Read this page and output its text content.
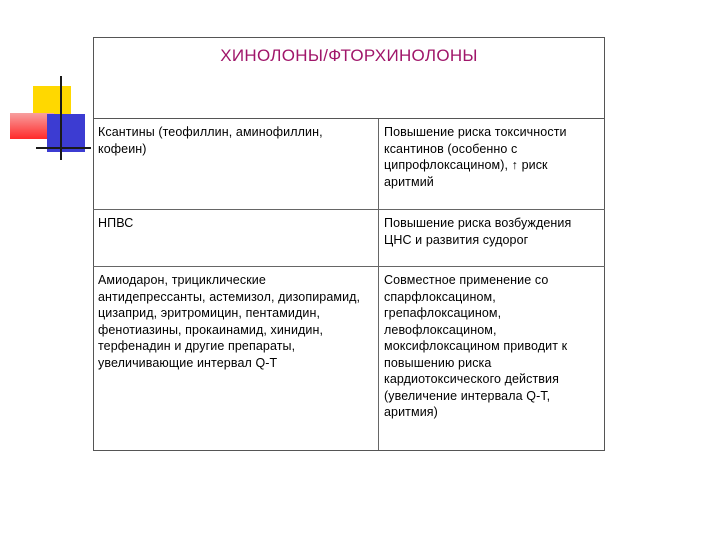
ХИНОЛОНЫ/ФТОРХИНОЛОНЫ
Ксантины (теофиллин, аминофиллин, кофеин)
Повышение риска токсичности ксантинов (особенно с ципрофлоксацином), ↑ риск аритмий
НПВС	Повышение риска возбуждения ЦНС и развития судорог
Амиодарон, трициклические антидепрессанты, астемизол, дизопирамид, цизаприд, эритромицин, пентамидин, фенотиазины, прокаинамид, хинидин, терфенадин и другие препараты, увеличивающие интервал Q-T
Совместное применение со спарфлоксацином, грепафлоксацином, левофлоксацином, моксифлоксацином приводит к повышению риска кардиотоксического действия (увеличение интервала Q-T, аритмия)
